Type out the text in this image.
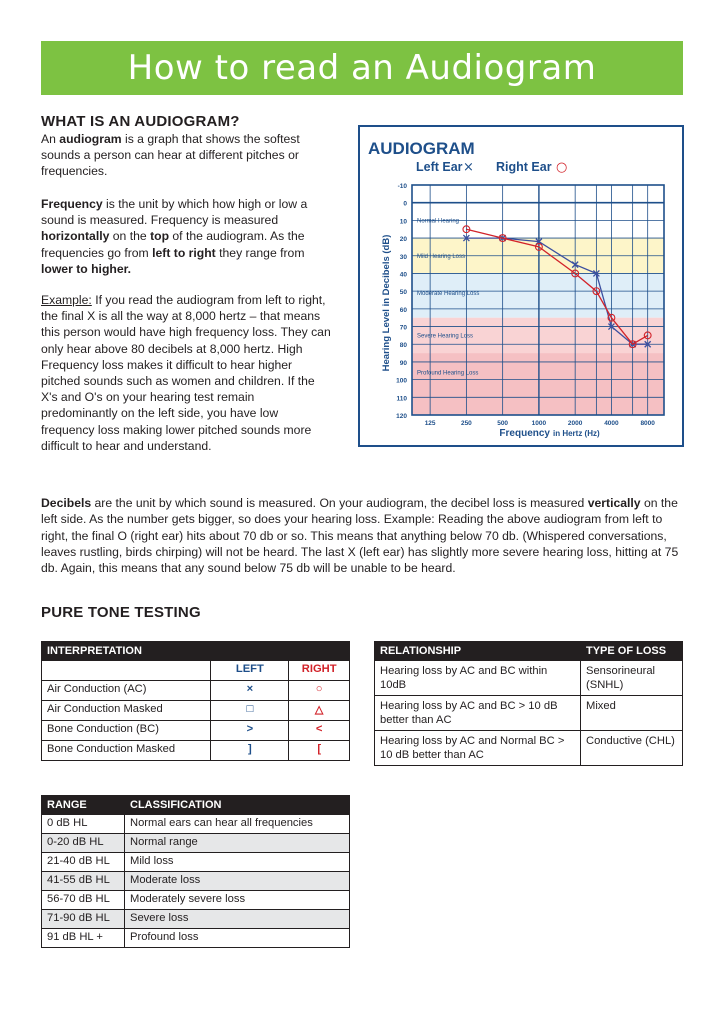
How to read an Audiogram
WHAT IS AN AUDIOGRAM?
An audiogram is a graph that shows the softest sounds a person can hear at different pitches or frequencies.
Frequency is the unit by which how high or low a sound is measured. Frequency is measured horizontally on the top of the audiogram. As the frequencies go from left to right they range from lower to higher.
Example: If you read the audiogram from left to right, the final X is all the way at 8,000 hertz – that means this person would have high frequency loss. They can only hear above 80 decibels at 8,000 hertz. High Frequency loss makes it difficult to hear higher pitched sounds such as women and children. If the X's and O's on your hearing test remain predominantly on the left side, you have low frequency loss making lower pitched sounds more difficult to hear and understand.
AUDIOGRAM
Left Ear × Right Ear ○
-10
0
10
20
30
40
50
60
70
80
90
100
110
120
125	250	500	1000	2000	4000	8000
Normal Hearing
Mild Hearing Loss
Moderate Hearing Loss
Severe Hearing Loss
Profound Hearing Loss
Hearing Level in Decibels (dB)
Frequency in Hertz (Hz)
Decibels are the unit by which sound is measured. On your audiogram, the decibel loss is measured vertically on the left side. As the number gets bigger, so does your hearing loss. Example: Reading the above audiogram from left to right, the final O (right ear) hits about 70 db or so. This means that anything below 70 db. (Whispered conversations, leaves rustling, birds chirping) will not be heard. The last X (left ear) has slightly more severe hearing loss, hitting at 75 db. Again, this means that any sound below 75 db will be unable to be heard.
PURE TONE TESTING
INTERPRETATION		
	LEFT	RIGHT
Air Conduction (AC)	×	○
Air Conduction Masked	□	△
Bone Conduction (BC)	>	<
Bone Conduction Masked	]	[
RELATIONSHIP	TYPE OF LOSS
Hearing loss by AC and BC within 10dB	Sensorineural (SNHL)
Hearing loss by AC and BC > 10 dB better than AC	Mixed
Hearing loss by AC and Normal BC > 10 dB better than AC	Conductive (CHL)
RANGE	CLASSIFICATION
0 dB HL	Normal ears can hear all frequencies
0-20 dB HL	Normal range
21-40 dB HL	Mild loss
41-55 dB HL	Moderate loss
56-70 dB HL	Moderately severe loss
71-90 dB HL	Severe loss
91 dB HL +	Profound loss
